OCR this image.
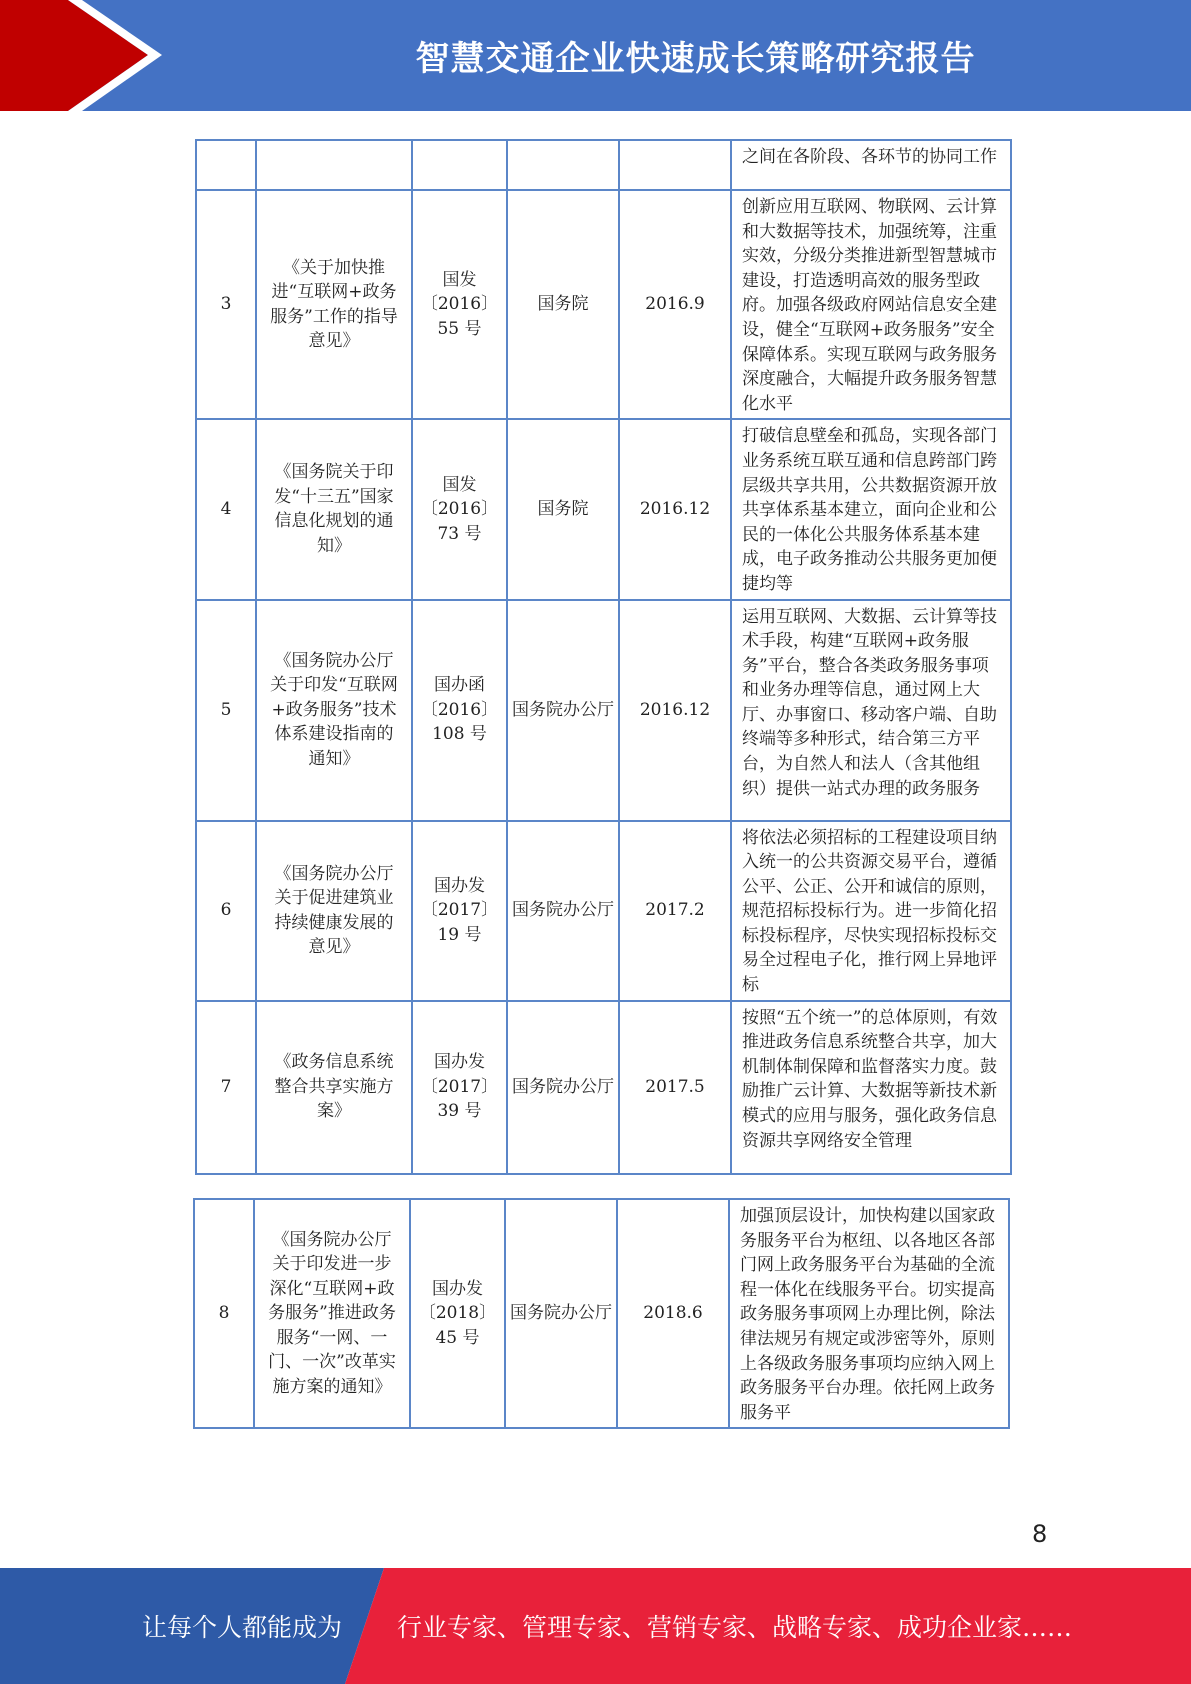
智慧交通企业快速成长策略研究报告
					之间在各阶段、各环节的协同工作
3	《关于加快推进“互联网+政务服务”工作的指导意见》	国发〔2016〕55 号	国务院	2016.9	创新应用互联网、物联网、云计算和大数据等技术，加强统筹，注重实效，分级分类推进新型智慧城市建设，打造透明高效的服务型政府。加强各级政府网站信息安全建设，健全“互联网+政务服务”安全保障体系。实现互联网与政务服务深度融合，大幅提升政务服务智慧化水平
4	《国务院关于印发“十三五”国家信息化规划的通知》	国发〔2016〕73 号	国务院	2016.12	打破信息壁垒和孤岛，实现各部门业务系统互联互通和信息跨部门跨层级共享共用，公共数据资源开放共享体系基本建立，面向企业和公民的一体化公共服务体系基本建成，电子政务推动公共服务更加便捷均等
5	《国务院办公厅关于印发“互联网+政务服务”技术体系建设指南的通知》	国办函〔2016〕108 号	国务院办公厅	2016.12	运用互联网、大数据、云计算等技术手段，构建“互联网+政务服务”平台，整合各类政务服务事项和业务办理等信息，通过网上大厅、办事窗口、移动客户端、自助终端等多种形式，结合第三方平台，为自然人和法人（含其他组织）提供一站式办理的政务服务
6	《国务院办公厅关于促进建筑业持续健康发展的意见》	国办发〔2017〕19 号	国务院办公厅	2017.2	将依法必须招标的工程建设项目纳入统一的公共资源交易平台，遵循公平、公正、公开和诚信的原则，规范招标投标行为。进一步简化招标投标程序，尽快实现招标投标交易全过程电子化，推行网上异地评标
7	《政务信息系统整合共享实施方案》	国办发〔2017〕39 号	国务院办公厅	2017.5	按照“五个统一”的总体原则，有效推进政务信息系统整合共享，加大机制体制保障和监督落实力度。鼓励推广云计算、大数据等新技术新模式的应用与服务，强化政务信息资源共享网络安全管理
8	《国务院办公厅关于印发进一步深化“互联网+政务服务”推进政务服务“一网、一门、一次”改革实施方案的通知》	国办发〔2018〕45 号	国务院办公厅	2018.6	加强顶层设计，加快构建以国家政务服务平台为枢纽、以各地区各部门网上政务服务平台为基础的全流程一体化在线服务平台。切实提高政务服务事项网上办理比例，除法律法规另有规定或涉密等外，原则上各级政务服务事项均应纳入网上政务服务平台办理。依托网上政务服务平
8
让每个人都能成为 行业专家、管理专家、营销专家、战略专家、成功企业家……
